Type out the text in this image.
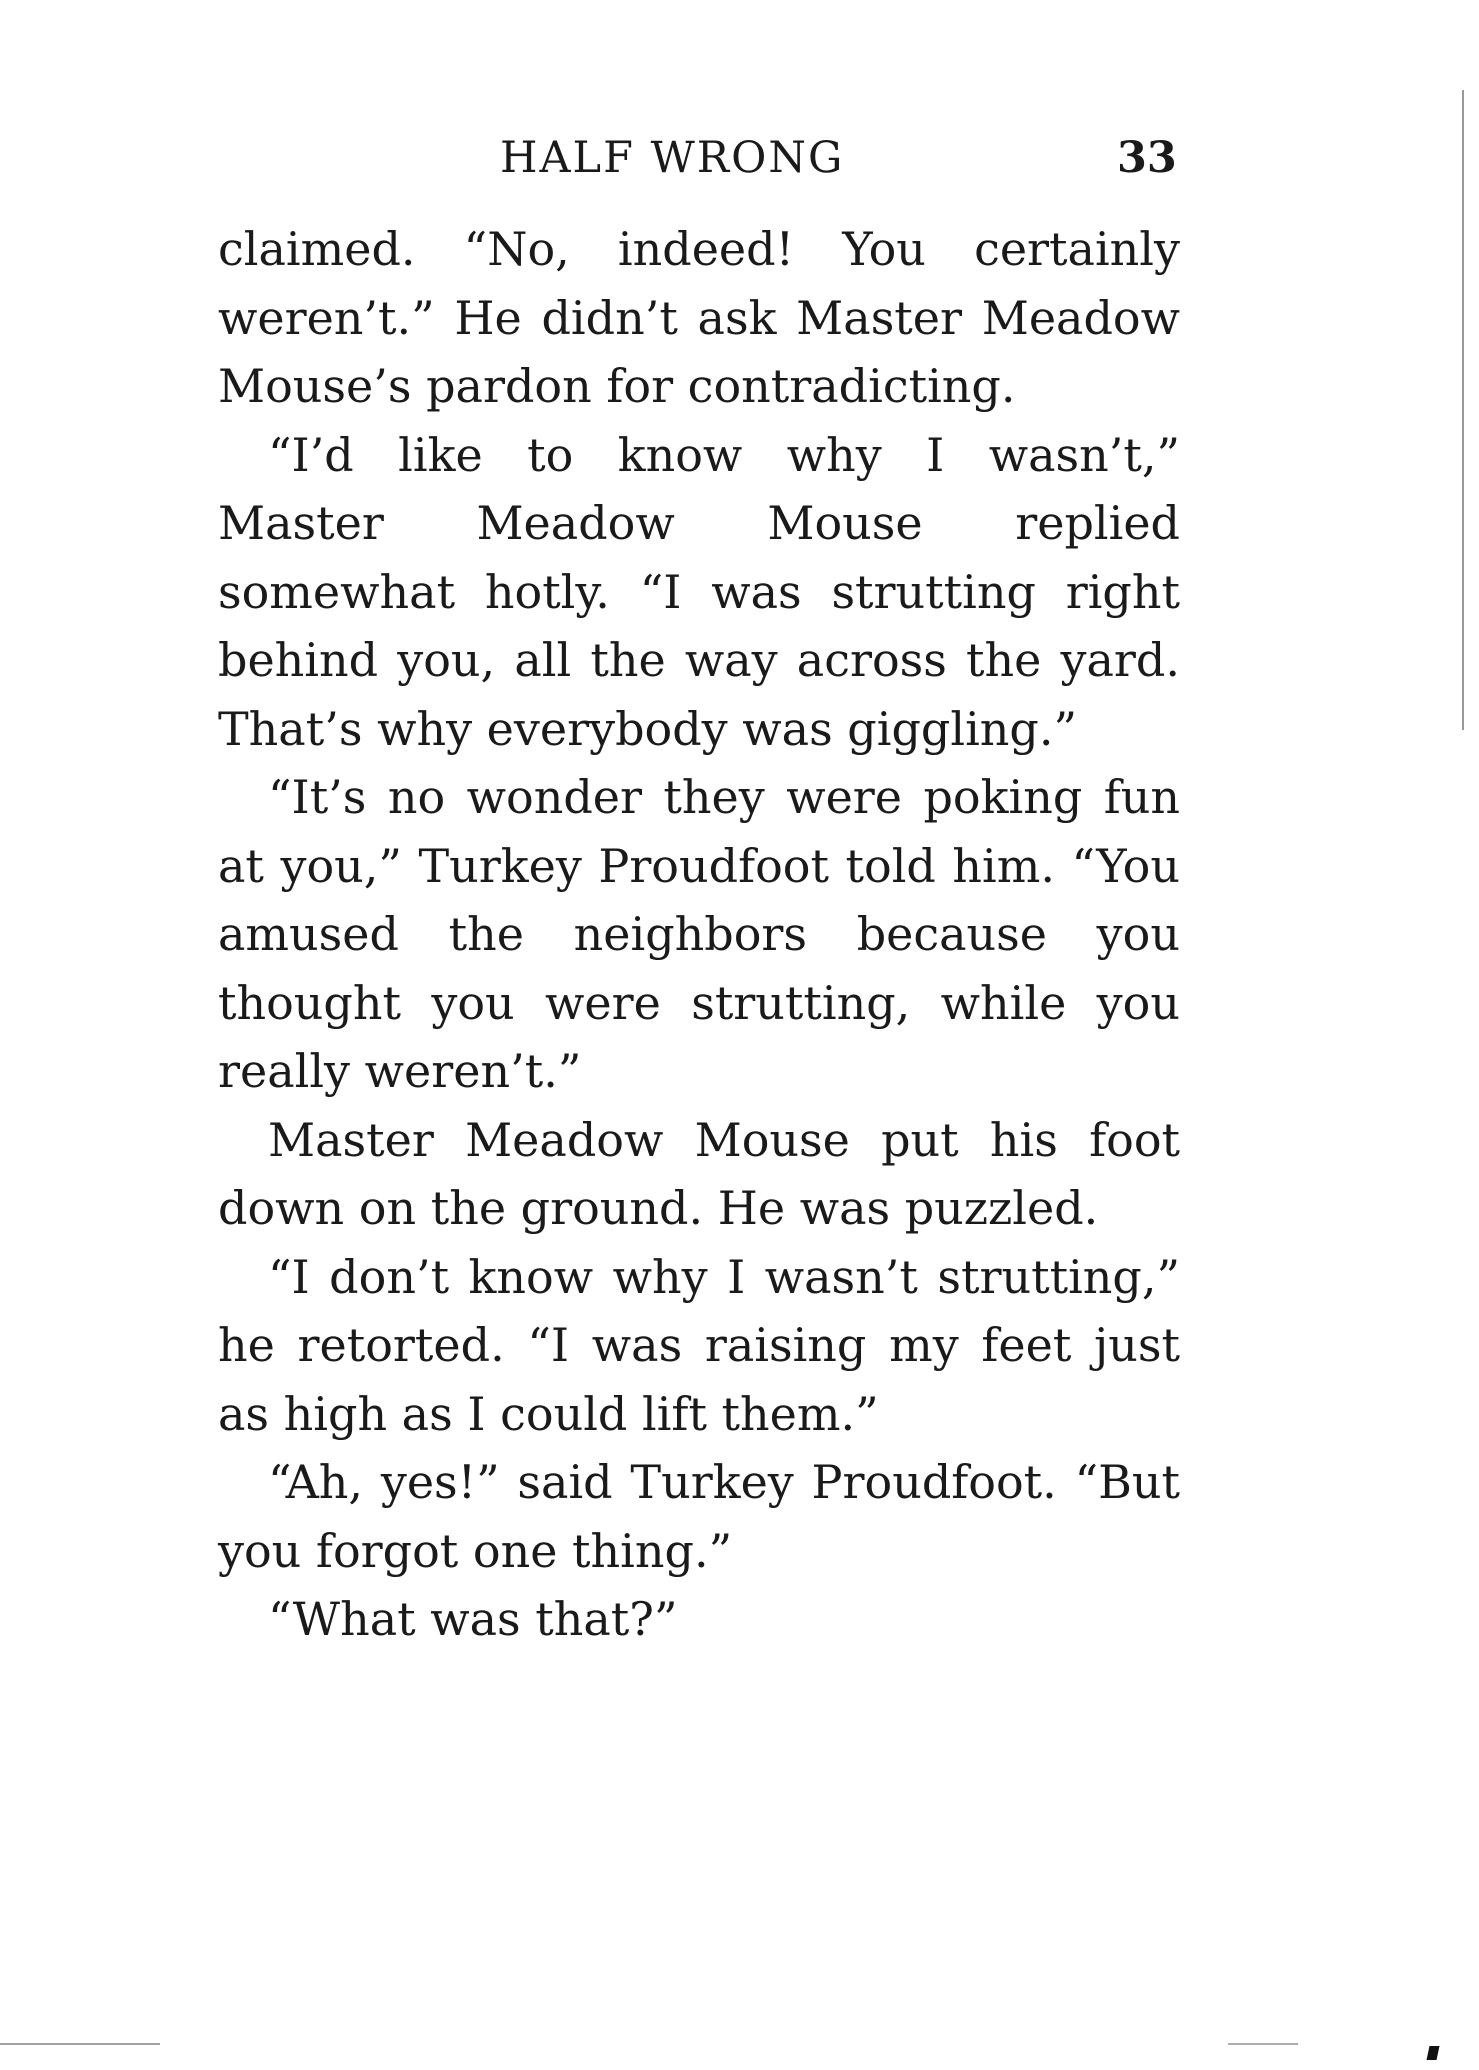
HALF WRONG	33

claimed. “No, indeed! You certainly weren’t.” He didn’t ask Master Meadow Mouse’s pardon for contradicting.

“I’d like to know why I wasn’t,” Master Meadow Mouse replied somewhat hotly. “I was strutting right behind you, all the way across the yard. That’s why everybody was giggling.”

“It’s no wonder they were poking fun at you,” Turkey Proudfoot told him. “You amused the neighbors because you thought you were strutting, while you really weren’t.”

Master Meadow Mouse put his foot down on the ground. He was puzzled.

“I don’t know why I wasn’t strutting,” he retorted. “I was raising my feet just as high as I could lift them.”

“Ah, yes!” said Turkey Proudfoot. “But you forgot one thing.”

“What was that?”
